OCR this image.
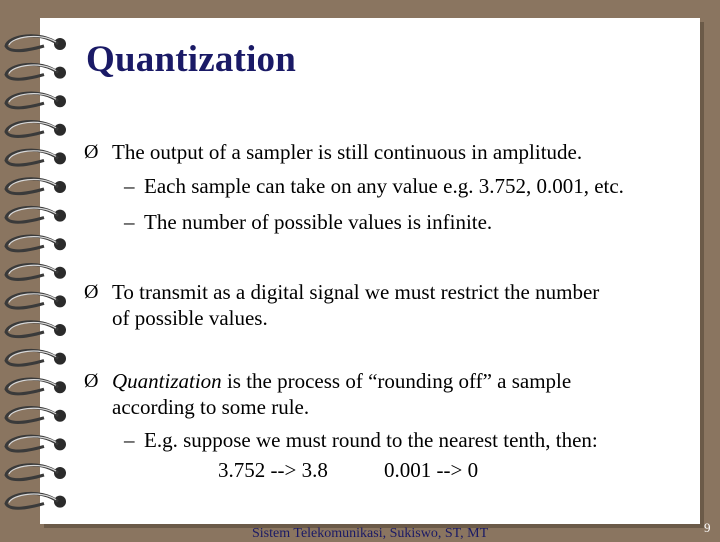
Quantization
Ø The output of a sampler is still continuous in amplitude.
– Each sample can take on any value e.g. 3.752, 0.001, etc.
– The number of possible values is infinite.
Ø To transmit as a digital signal we must restrict the number
of possible values.
Ø Quantization is the process of “rounding off” a sample
according to some rule.
– E.g. suppose we must round to the nearest tenth, then:
3.752 --> 3.8	0.001 --> 0
Sistem Telekomunikasi, Sukiswo, ST, MT	9
